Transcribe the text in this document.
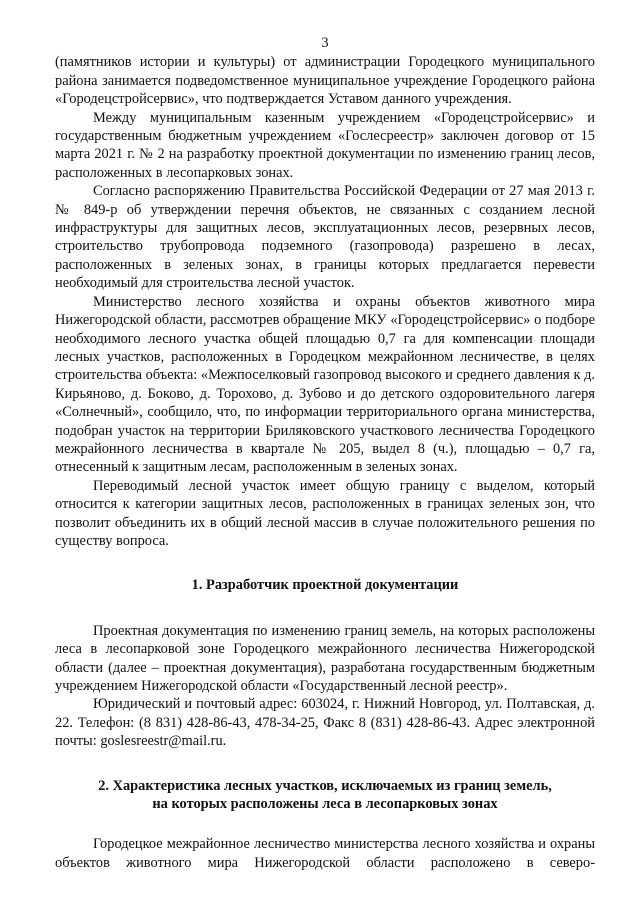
3

(памятников истории и культуры) от администрации Городецкого муниципального района занимается подведомственное муниципальное учреждение Городецкого района «Городецстройсервис», что подтверждается Уставом данного учреждения.

Между муниципальным казенным учреждением «Городецстройсервис» и государственным бюджетным учреждением «Гослесреестр» заключен договор от 15 марта 2021 г. № 2 на разработку проектной документации по изменению границ лесов, расположенных в лесопарковых зонах.

Согласно распоряжению Правительства Российской Федерации от 27 мая 2013 г. № 849-р об утверждении перечня объектов, не связанных с созданием лесной инфраструктуры для защитных лесов, эксплуатационных лесов, резервных лесов, строительство трубопровода подземного (газопровода) разрешено в лесах, расположенных в зеленых зонах, в границы которых предлагается перевести необходимый для строительства лесной участок.

Министерство лесного хозяйства и охраны объектов животного мира Нижегородской области, рассмотрев обращение МКУ «Городецстройсервис» о подборе необходимого лесного участка общей площадью 0,7 га для компенсации площади лесных участков, расположенных в Городецком межрайонном лесничестве, в целях строительства объекта: «Межпоселковый газопровод высокого и среднего давления к д. Кирьяново, д. Боково, д. Торохово, д. Зубово и до детского оздоровительного лагеря «Солнечный», сообщило, что, по информации территориального органа министерства, подобран участок на территории Бриляковского участкового лесничества Городецкого межрайонного лесничества в квартале № 205, выдел 8 (ч.), площадью – 0,7 га, отнесенный к защитным лесам, расположенным в зеленых зонах.

Переводимый лесной участок имеет общую границу с выделом, который относится к категории защитных лесов, расположенных в границах зеленых зон, что позволит объединить их в общий лесной массив в случае положительного решения по существу вопроса.

1. Разработчик проектной документации

Проектная документация по изменению границ земель, на которых расположены леса в лесопарковой зоне Городецкого межрайонного лесничества Нижегородской области (далее – проектная документация), разработана государственным бюджетным учреждением Нижегородской области «Государственный лесной реестр».

Юридический и почтовый адрес: 603024, г. Нижний Новгород, ул. Полтавская, д. 22. Телефон: (8 831) 428-86-43, 478-34-25, Факс 8 (831) 428-86-43. Адрес электронной почты: goslesreestr@mail.ru.

2. Характеристика лесных участков, исключаемых из границ земель,
на которых расположены леса в лесопарковых зонах

Городецкое межрайонное лесничество министерства лесного хозяйства и охраны объектов животного мира Нижегородской области расположено в северо-
